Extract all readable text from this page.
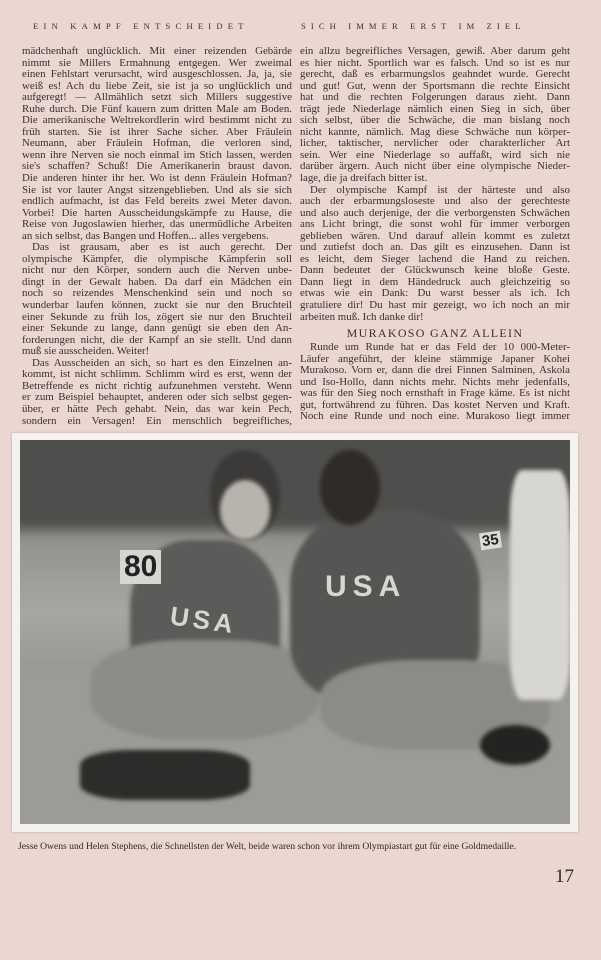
EIN KAMPF ENTSCHEIDET	SICH IMMER ERST IM ZIEL
mädchenhaft unglücklich. Mit einer reizenden Gebärde
nimmt sie Millers Ermahnung entgegen. Wer zweimal
einen Fehlstart verursacht, wird ausgeschlossen. Ja, ja, sie
weiß es! Ach du liebe Zeit, sie ist ja so unglücklich und
aufgeregt! — Allmählich setzt sich Millers suggestive
Ruhe durch. Die Fünf kauern zum dritten Male am Boden.
Die amerikanische Weltrekordlerin wird bestimmt nicht zu
früh starten. Sie ist ihrer Sache sicher. Aber Fräulein
Neumann, aber Fräulein Hofman, die verloren sind,
wenn ihre Nerven sie noch einmal im Stich lassen, werden
sie's schaffen? Schuß! Die Amerikanerin braust davon.
Die anderen hinter ihr her. Wo ist denn Fräulein Hofman?
Sie ist vor lauter Angst sitzengeblieben. Und als sie sich
endlich aufmacht, ist das Feld bereits zwei Meter davon.
Vorbei! Die harten Ausscheidungskämpfe zu Hause, die
Reise von Jugoslawien hierher, das unermüdliche Arbeiten
an sich selbst, das Bangen und Hoffen... alles vergebens.
Das ist grausam, aber es ist auch gerecht. Der
olympische Kämpfer, die olympische Kämpferin soll
nicht nur den Körper, sondern auch die Nerven unbe-
dingt in der Gewalt haben. Da darf ein Mädchen ein
noch so reizendes Menschenkind sein und noch so
wunderbar laufen können, zuckt sie nur den Bruchteil
einer Sekunde zu früh los, zögert sie nur den Bruchteil
einer Sekunde zu lange, dann genügt sie eben den An-
forderungen nicht, die der Kampf an sie stellt. Und dann
muß sie ausscheiden. Weiter!
Das Ausscheiden an sich, so hart es den Einzelnen an-
kommt, ist nicht schlimm. Schlimm wird es erst, wenn der
Betreffende es nicht richtig aufzunehmen versteht. Wenn
er zum Beispiel behauptet, anderen oder sich selbst gegen-
über, er hätte Pech gehabt. Nein, das war kein Pech,
sondern ein Versagen! Ein menschlich begreifliches,
ein allzu begreifliches Versagen, gewiß. Aber darum geht
es hier nicht. Sportlich war es falsch. Und so ist es nur
gerecht, daß es erbarmungslos geahndet wurde. Gerecht
und gut! Gut, wenn der Sportsmann die rechte Einsicht
hat und die rechten Folgerungen daraus zieht. Dann
trägt jede Niederlage nämlich einen Sieg in sich, über
sich selbst, über die Schwäche, die man bislang noch
nicht kannte, nämlich. Mag diese Schwäche nun körper-
licher, taktischer, nervlicher oder charakterlicher Art
sein. Wer eine Niederlage so auffaßt, wird sich nie
darüber ärgern. Auch nicht über eine olympische Nieder-
lage, die ja dreifach bitter ist.
Der olympische Kampf ist der härteste und also
auch der erbarmungsloseste und also der gerechteste
und also auch derjenige, der die verborgensten Schwächen
ans Licht bringt, die sonst wohl für immer verborgen
geblieben wären. Und darauf allein kommt es zuletzt
und zutiefst doch an. Das gilt es einzusehen. Dann ist
es leicht, dem Sieger lachend die Hand zu reichen.
Dann bedeutet der Glückwunsch keine bloße Geste.
Dann liegt in dem Händedruck auch gleichzeitig so
etwas wie ein Dank: Du warst besser als ich. Ich
gratuliere dir! Du hast mir gezeigt, wo ich noch an mir
arbeiten muß. Ich danke dir!
MURAKOSO GANZ ALLEIN
Runde um Runde hat er das Feld der 10 000-Meter-
Läufer angeführt, der kleine stämmige Japaner Kohei
Murakoso. Vorn er, dann die drei Finnen Salminen, Askola
und Iso-Hollo, dann nichts mehr. Nichts mehr jedenfalls,
was für den Sieg noch ernsthaft in Frage käme. Es ist nicht
gut, fortwährend zu führen. Das kostet Nerven und Kraft.
Noch eine Runde und noch eine. Murakoso liegt immer
USA
USA
80
35
Jesse Owens und Helen Stephens, die Schnellsten der Welt, beide waren schon vor ihrem Olympiastart gut für eine Goldmedaille.
17
